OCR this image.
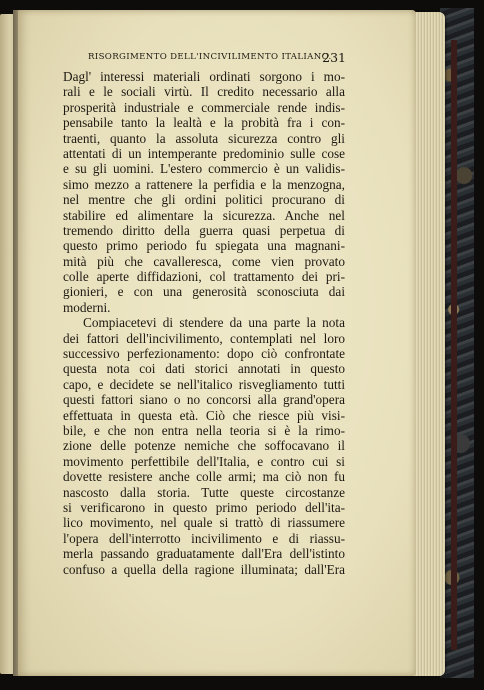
RISORGIMENTO DELL'INCIVILIMENTO ITALIANO.
231
Dagl' interessi materiali ordinati sorgono i mo-
rali e le sociali virtù. Il credito necessario alla
prosperità industriale e commerciale rende indis-
pensabile tanto la lealtà e la probità fra i con-
traenti, quanto la assoluta sicurezza contro gli
attentati di un intemperante predominio sulle cose
e su gli uomini. L'estero commercio è un validis-
simo mezzo a rattenere la perfidia e la menzogna,
nel mentre che gli ordini politici procurano di
stabilire ed alimentare la sicurezza. Anche nel
tremendo diritto della guerra quasi perpetua di
questo primo periodo fu spiegata una magnani-
mità più che cavalleresca, come vien provato
colle aperte diffidazioni, col trattamento dei pri-
gionieri, e con una generosità sconosciuta dai
moderni.
Compiacetevi di stendere da una parte la nota
dei fattori dell'incivilimento, contemplati nel loro
successivo perfezionamento: dopo ciò confrontate
questa nota coi dati storici annotati in questo
capo, e decidete se nell'italico risvegliamento tutti
questi fattori siano o no concorsi alla grand'opera
effettuata in questa età. Ciò che riesce più visi-
bile, e che non entra nella teoria si è la rimo-
zione delle potenze nemiche che soffocavano il
movimento perfettibile dell'Italia, e contro cui si
dovette resistere anche colle armi; ma ciò non fu
nascosto dalla storia. Tutte queste circostanze
si verificarono in questo primo periodo dell'ita-
lico movimento, nel quale si trattò di riassumere
l'opera dell'interrotto incivilimento e di riassu-
merla passando graduatamente dall'Era dell'istinto
confuso a quella della ragione illuminata; dall'Era
